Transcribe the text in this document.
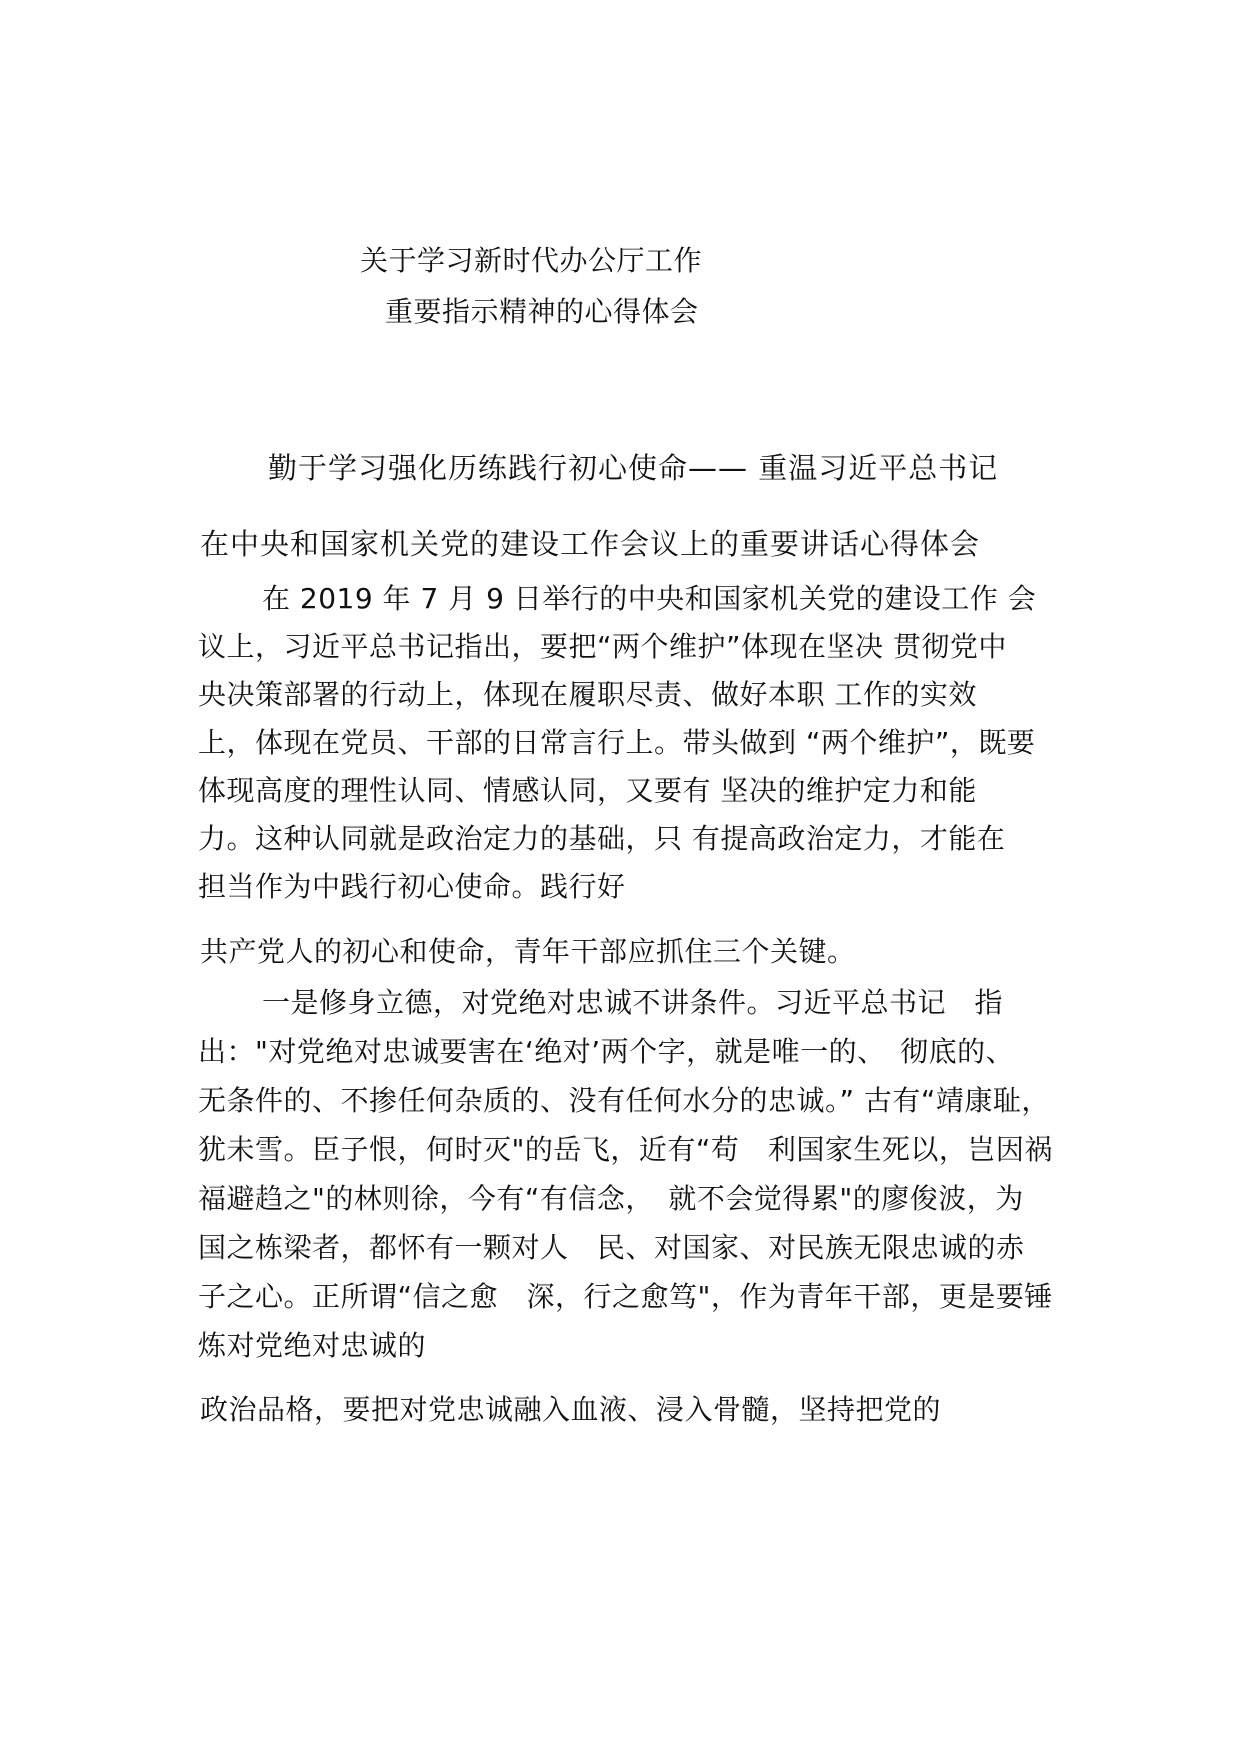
关于学习新时代办公厅工作
重要指示精神的心得体会
勤于学习强化历练践行初心使命—— 重温习近平总书记
在中央和国家机关党的建设工作会议上的重要讲话心得体会
在 2019 年 7 月 9 日举行的中央和国家机关党的建设工作 会
议上，习近平总书记指出，要把“两个维护”体现在坚决 贯彻党中
央决策部署的行动上，体现在履职尽责、做好本职 工作的实效
上，体现在党员、干部的日常言行上。带头做到 “两个维护”，既要
体现高度的理性认同、情感认同，又要有 坚决的维护定力和能
力。这种认同就是政治定力的基础，只 有提高政治定力，才能在
担当作为中践行初心使命。践行好
共产党人的初心和使命，青年干部应抓住三个关键。
一是修身立德，对党绝对忠诚不讲条件。习近平总书记　指
出："对党绝对忠诚要害在‘绝对’两个字，就是唯一的、　彻底的、
无条件的、不掺任何杂质的、没有任何水分的忠诚。” 古有“靖康耻，
犹未雪。臣子恨，何时灭"的岳飞，近有“苟　利国家生死以，岂因祸
福避趋之"的林则徐，今有“有信念，　就不会觉得累"的廖俊波，为
国之栋梁者，都怀有一颗对人　民、对国家、对民族无限忠诚的赤
子之心。正所谓“信之愈　深，行之愈笃"，作为青年干部，更是要锤
炼对党绝对忠诚的
政治品格，要把对党忠诚融入血液、浸入骨髓，坚持把党的
